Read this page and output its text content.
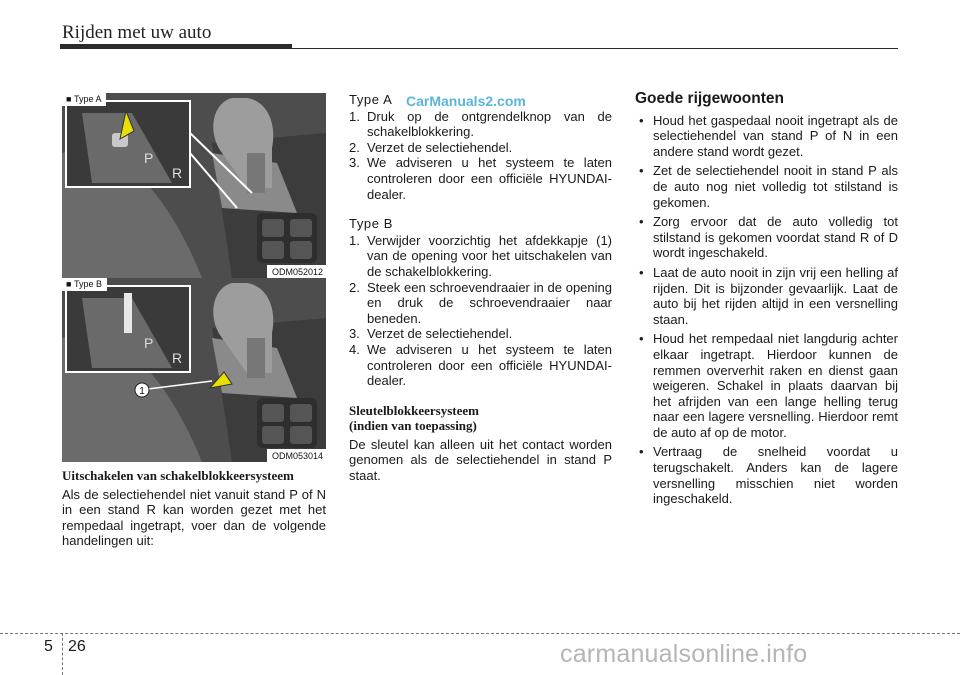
Rijden met uw auto
P
R
■ Type A
ODM052012
P
R
1
■ Type B
ODM053014

Uitschakelen van schakelblokkeersysteem

Als de selectiehendel niet vanuit stand P of N in een stand R kan worden gezet met het rempedaal ingetrapt, voer dan de volgende handelingen uit:

Type A

1. Druk op de ontgrendelknop van de schakelblokkering.
2. Verzet de selectiehendel.
3. We adviseren u het systeem te laten controleren door een officiële HYUNDAI-dealer.

Type B

1. Verwijder voorzichtig het afdekkapje (1) van de opening voor het uitschakelen van de schakelblokkering.
2. Steek een schroevendraaier in de opening en druk de schroevendraaier naar beneden.
3. Verzet de selectiehendel.
4. We adviseren u het systeem te laten controleren door een officiële HYUNDAI-dealer.

Sleutelblokkeersysteem

(indien van toepassing)

De sleutel kan alleen uit het contact worden genomen als de selectiehendel in stand P staat.

CarManuals2.com	Goede rijgewoonten

• Houd het gaspedaal nooit ingetrapt als de selectiehendel van stand P of N in een andere stand wordt gezet.
• Zet de selectiehendel nooit in stand P als de auto nog niet volledig tot stilstand is gekomen.
• Zorg ervoor dat de auto volledig tot stilstand is gekomen voordat stand R of D wordt ingeschakeld.
• Laat de auto nooit in zijn vrij een helling af rijden. Dit is bijzonder gevaarlijk. Laat de auto bij het rijden altijd in een versnelling staan.
• Houd het rempedaal niet langdurig achter elkaar ingetrapt. Hierdoor kunnen de remmen oververhit raken en dienst gaan weigeren. Schakel in plaats daarvan bij het afrijden van een lange helling terug naar een lagere versnelling. Hierdoor remt de auto af op de motor.
• Vertraag de snelheid voordat u terugschakelt. Anders kan de lagere versnelling misschien niet worden ingeschakeld.
5 26	carmanualsonline.info
